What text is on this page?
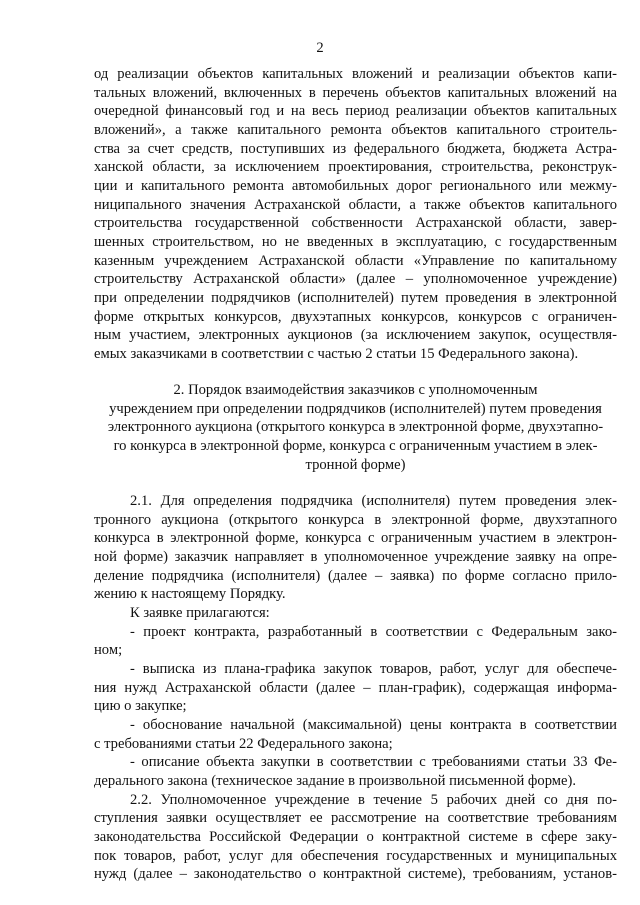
2
од реализации объектов капитальных вложений и реализации объектов капи-
тальных вложений, включенных в перечень объектов капитальных вложений на
очередной финансовый год и на весь период реализации объектов капитальных
вложений», а также капитального ремонта объектов капитального строитель-
ства за счет средств, поступивших из федерального бюджета, бюджета Астра-
ханской области, за исключением проектирования, строительства, реконструк-
ции и капитального ремонта автомобильных дорог регионального или межму-
ниципального значения Астраханской области, а также объектов капитального
строительства государственной собственности Астраханской области, завер-
шенных строительством, но не введенных в эксплуатацию, с государственным
казенным учреждением Астраханской области «Управление по капитальному
строительству Астраханской области» (далее – уполномоченное учреждение)
при определении подрядчиков (исполнителей) путем проведения в электронной
форме открытых конкурсов, двухэтапных конкурсов, конкурсов с ограничен-
ным участием, электронных аукционов (за исключением закупок, осуществля-
емых заказчиками в соответствии с частью 2 статьи 15 Федерального закона).
2. Порядок взаимодействия заказчиков с уполномоченным
учреждением при определении подрядчиков (исполнителей) путем проведения
электронного аукциона (открытого конкурса в электронной форме, двухэтапно-
го конкурса в электронной форме, конкурса с ограниченным участием в элек-
тронной форме)
2.1. Для определения подрядчика (исполнителя) путем проведения элек-
тронного аукциона (открытого конкурса в электронной форме, двухэтапного
конкурса в электронной форме, конкурса с ограниченным участием в электрон-
ной форме) заказчик направляет в уполномоченное учреждение заявку на опре-
деление подрядчика (исполнителя) (далее – заявка) по форме согласно прило-
жению к настоящему Порядку.
К заявке прилагаются:
- проект контракта, разработанный в соответствии с Федеральным зако-
ном;
- выписка из плана-графика закупок товаров, работ, услуг для обеспече-
ния нужд Астраханской области (далее – план-график), содержащая информа-
цию о закупке;
- обоснование начальной (максимальной) цены контракта в соответствии
с требованиями статьи 22 Федерального закона;
- описание объекта закупки в соответствии с требованиями статьи 33 Фе-
дерального закона (техническое задание в произвольной письменной форме).
2.2. Уполномоченное учреждение в течение 5 рабочих дней со дня по-
ступления заявки осуществляет ее рассмотрение на соответствие требованиям
законодательства Российской Федерации о контрактной системе в сфере заку-
пок товаров, работ, услуг для обеспечения государственных и муниципальных
нужд (далее – законодательство о контрактной системе), требованиям, установ-
